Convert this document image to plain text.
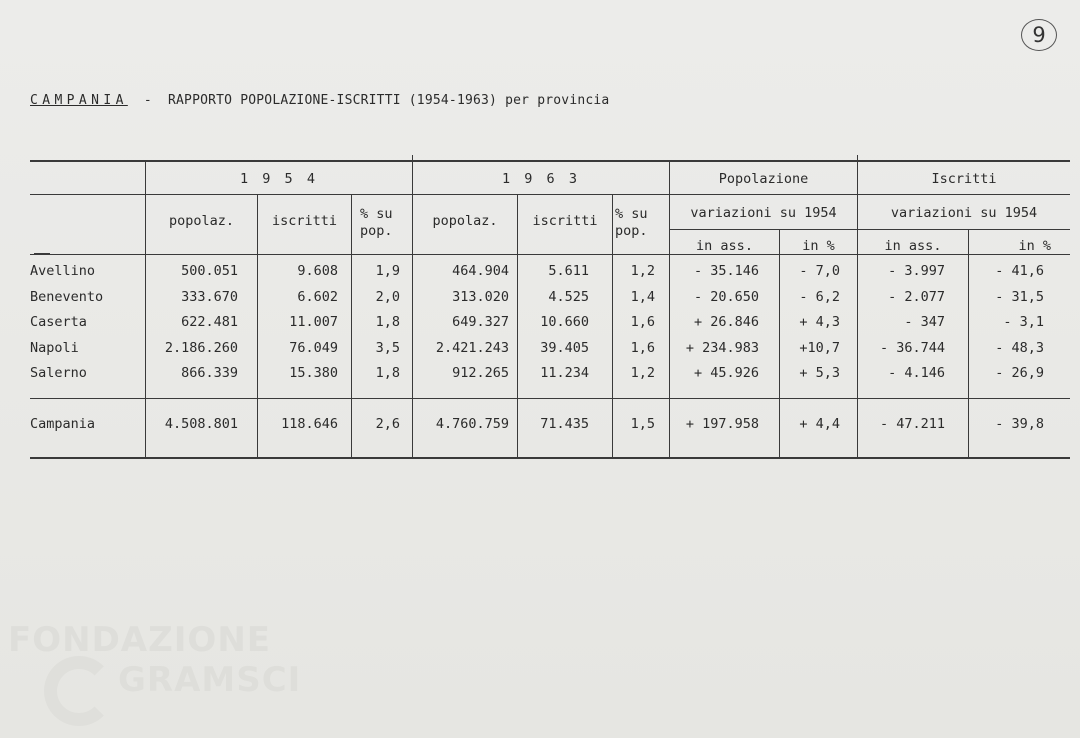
9
CAMPANIA - RAPPORTO POPOLAZIONE-ISCRITTI (1954-1963) per provincia
1 9 5 4	1 9 6 3	Popolazione	Iscritti
popolaz.	iscritti	% su pop.
popolaz.	iscritti	% su pop.
variazioni su 1954	variazioni su 1954
in ass.	in %	in ass.	in %
Avellino	500.051	9.608	1,9	464.904	5.611	1,2	- 35.146	- 7,0	- 3.997	- 41,6
Benevento	333.670	6.602	2,0	313.020	4.525	1,4	- 20.650	- 6,2	- 2.077	- 31,5
Caserta	622.481	11.007	1,8	649.327	10.660	1,6	+ 26.846	+ 4,3	- 347	- 3,1
Napoli	2.186.260	76.049	3,5	2.421.243	39.405	1,6	+ 234.983	+10,7	- 36.744	- 48,3
Salerno	866.339	15.380	1,8	912.265	11.234	1,2	+ 45.926	+ 5,3	- 4.146	- 26,9
Campania	4.508.801	118.646	2,6	4.760.759	71.435	1,5	+ 197.958	+ 4,4	- 47.211	- 39,8
FONDAZIONE
GRAMSCI
